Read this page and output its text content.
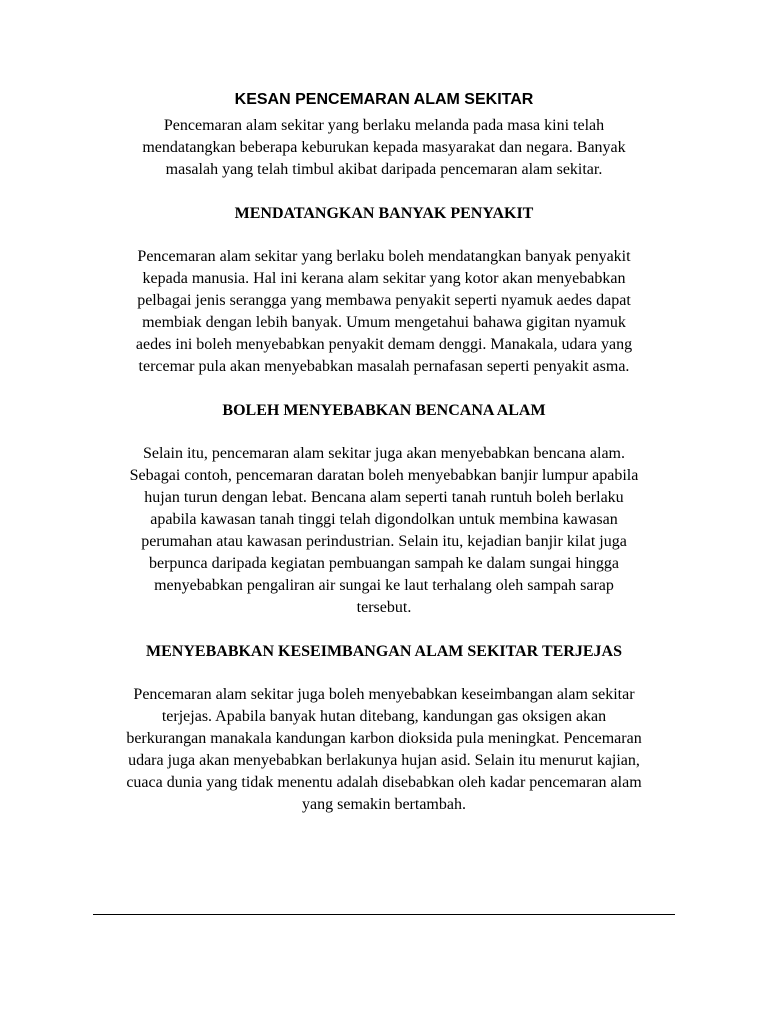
KESAN PENCEMARAN ALAM SEKITAR
Pencemaran alam sekitar yang berlaku melanda pada masa kini telah
mendatangkan beberapa keburukan kepada masyarakat dan negara. Banyak
masalah yang telah timbul akibat daripada pencemaran alam sekitar.
MENDATANGKAN BANYAK PENYAKIT
Pencemaran alam sekitar yang berlaku boleh mendatangkan banyak penyakit
kepada manusia. Hal ini kerana alam sekitar yang kotor akan menyebabkan
pelbagai jenis serangga yang membawa penyakit seperti nyamuk aedes dapat
membiak dengan lebih banyak. Umum mengetahui bahawa gigitan nyamuk
aedes ini boleh menyebabkan penyakit demam denggi. Manakala, udara yang
tercemar pula akan menyebabkan masalah pernafasan seperti penyakit asma.
BOLEH MENYEBABKAN BENCANA ALAM
Selain itu, pencemaran alam sekitar juga akan menyebabkan bencana alam.
Sebagai contoh, pencemaran daratan boleh menyebabkan banjir lumpur apabila
hujan turun dengan lebat. Bencana alam seperti tanah runtuh boleh berlaku
apabila kawasan tanah tinggi telah digondolkan untuk membina kawasan
perumahan atau kawasan perindustrian. Selain itu, kejadian banjir kilat juga
berpunca daripada kegiatan pembuangan sampah ke dalam sungai hingga
menyebabkan pengaliran air sungai ke laut terhalang oleh sampah sarap
tersebut.
MENYEBABKAN KESEIMBANGAN ALAM SEKITAR TERJEJAS
Pencemaran alam sekitar juga boleh menyebabkan keseimbangan alam sekitar
terjejas. Apabila banyak hutan ditebang, kandungan gas oksigen akan
berkurangan manakala kandungan karbon dioksida pula meningkat. Pencemaran
udara juga akan menyebabkan berlakunya hujan asid. Selain itu menurut kajian,
cuaca dunia yang tidak menentu adalah disebabkan oleh kadar pencemaran alam
yang semakin bertambah.
